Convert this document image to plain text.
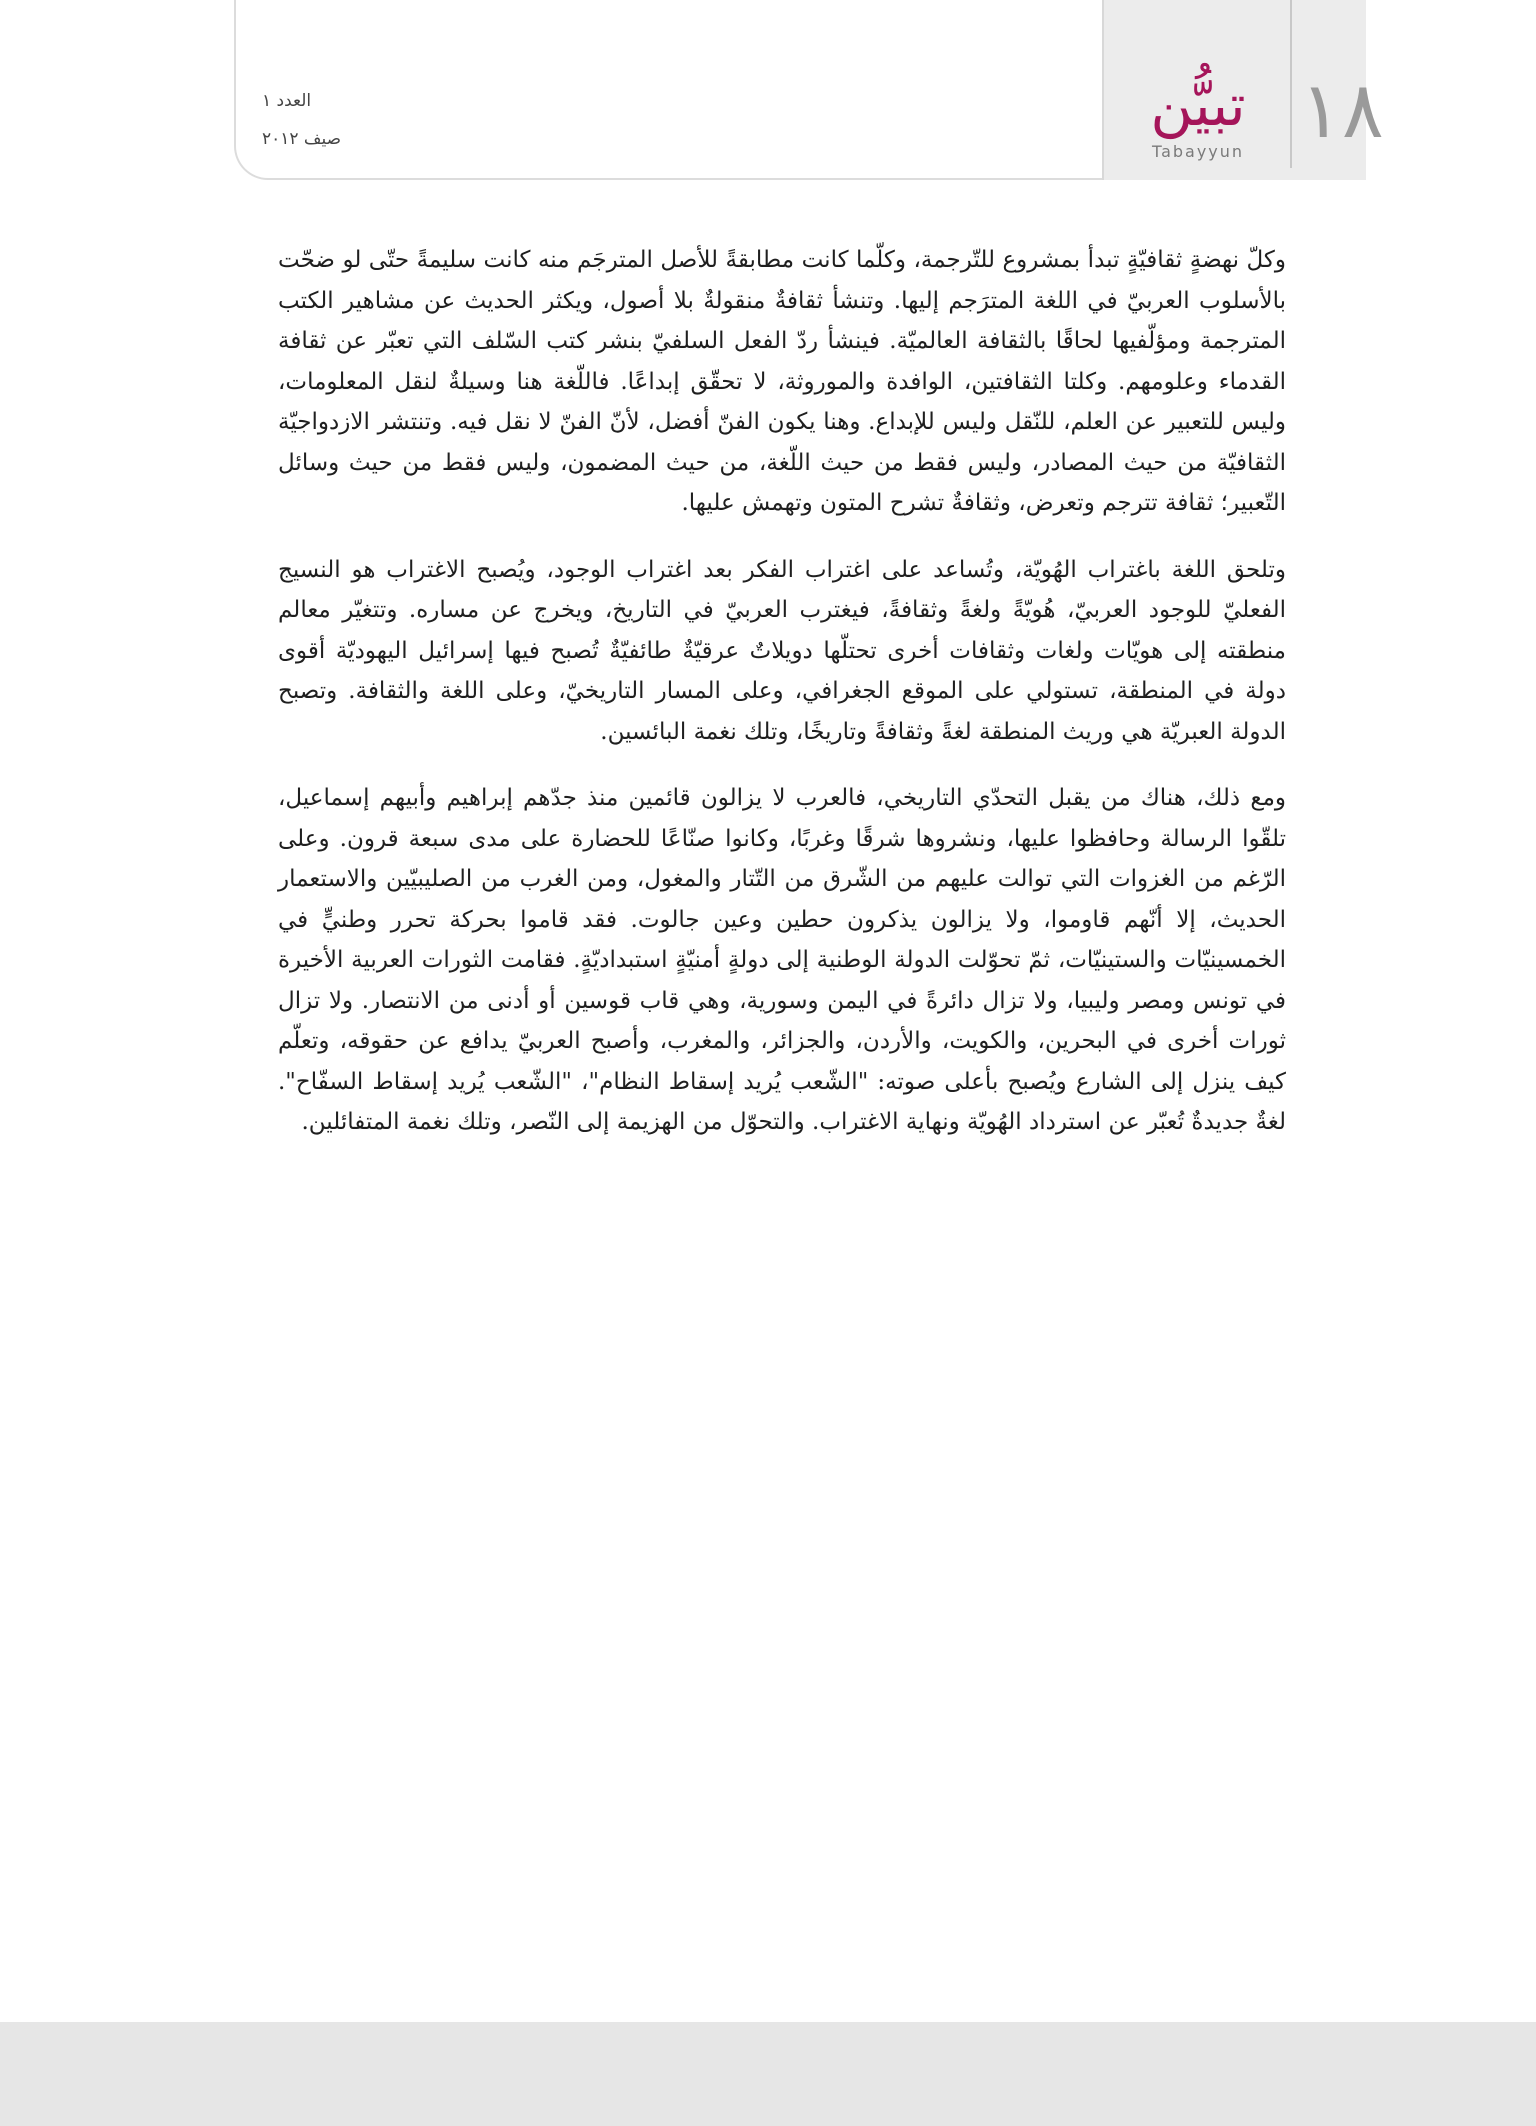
١٨
تبيُّن
Tabayyun
العدد ١
صيف ٢٠١٢

وكلّ نهضةٍ ثقافيّةٍ تبدأ بمشروع للتّرجمة، وكلّما كانت مطابقةً للأصل المترجَم منه كانت سليمةً حتّى لو ضحّت بالأسلوب العربيّ في اللغة المترَجم إليها. وتنشأ ثقافةٌ منقولةٌ بلا أصول، ويكثر الحديث عن مشاهير الكتب المترجمة ومؤلّفيها لحاقًا بالثقافة العالميّة. فينشأ ردّ الفعل السلفيّ بنشر كتب السّلف التي تعبّر عن ثقافة القدماء وعلومهم. وكلتا الثقافتين، الوافدة والموروثة، لا تحقّق إبداعًا. فاللّغة هنا وسيلةٌ لنقل المعلومات، وليس للتعبير عن العلم، للنّقل وليس للإبداع. وهنا يكون الفنّ أفضل، لأنّ الفنّ لا نقل فيه. وتنتشر الازدواجيّة الثقافيّة من حيث المصادر، وليس فقط من حيث اللّغة، من حيث المضمون، وليس فقط من حيث وسائل التّعبير؛ ثقافة تترجم وتعرض، وثقافةٌ تشرح المتون وتهمش عليها.

وتلحق اللغة باغتراب الهُويّة، وتُساعد على اغتراب الفكر بعد اغتراب الوجود، ويُصبح الاغتراب هو النسيج الفعليّ للوجود العربيّ، هُويّةً ولغةً وثقافةً، فيغترب العربيّ في التاريخ، ويخرج عن مساره. وتتغيّر معالم منطقته إلى هويّات ولغات وثقافات أخرى تحتلّها دويلاتٌ عرقيّةٌ طائفيّةٌ تُصبح فيها إسرائيل اليهوديّة أقوى دولة في المنطقة، تستولي على الموقع الجغرافي، وعلى المسار التاريخيّ، وعلى اللغة والثقافة. وتصبح الدولة العبريّة هي وريث المنطقة لغةً وثقافةً وتاريخًا، وتلك نغمة البائسين.

ومع ذلك، هناك من يقبل التحدّي التاريخي، فالعرب لا يزالون قائمين منذ جدّهم إبراهيم وأبيهم إسماعيل، تلقّوا الرسالة وحافظوا عليها، ونشروها شرقًا وغربًا، وكانوا صنّاعًا للحضارة على مدى سبعة قرون. وعلى الرّغم من الغزوات التي توالت عليهم من الشّرق من التّتار والمغول، ومن الغرب من الصليبيّين والاستعمار الحديث، إلا أنّهم قاوموا، ولا يزالون يذكرون حطين وعين جالوت. فقد قاموا بحركة تحرر وطنيٍّ في الخمسينيّات والستينيّات، ثمّ تحوّلت الدولة الوطنية إلى دولةٍ أمنيّةٍ استبداديّةٍ. فقامت الثورات العربية الأخيرة في تونس ومصر وليبيا، ولا تزال دائرةً في اليمن وسورية، وهي قاب قوسين أو أدنى من الانتصار. ولا تزال ثورات أخرى في البحرين، والكويت، والأردن، والجزائر، والمغرب، وأصبح العربيّ يدافع عن حقوقه، وتعلّم كيف ينزل إلى الشارع ويُصبح بأعلى صوته: "الشّعب يُريد إسقاط النظام"، "الشّعب يُريد إسقاط السفّاح". لغةٌ جديدةٌ تُعبّر عن استرداد الهُويّة ونهاية الاغتراب. والتحوّل من الهزيمة إلى النّصر، وتلك نغمة المتفائلين.
